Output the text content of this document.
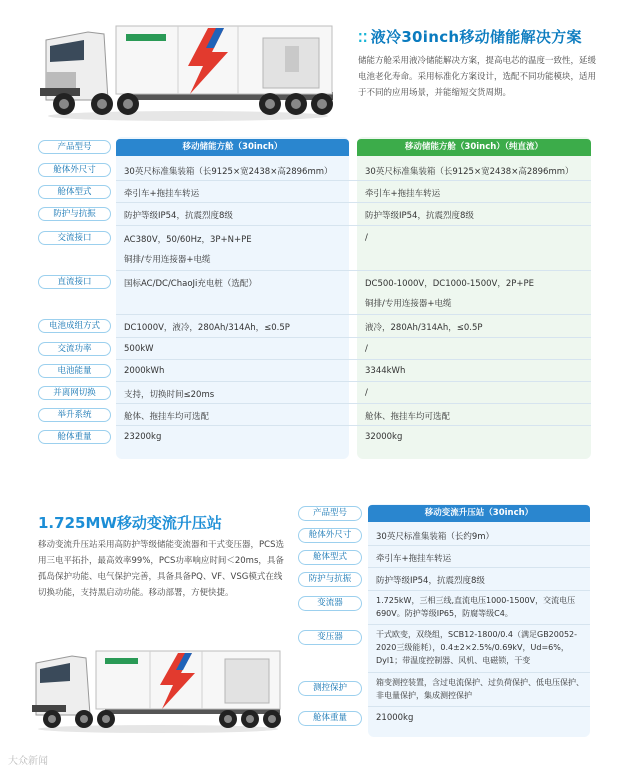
⁚⁚ 液冷30inch移动储能解决方案
储能方舱采用液冷储能解决方案，提高电芯的温度一致性，延缓电池老化寿命。采用标准化方案设计，选配不同功能模块，适用于不同的应用场景，并能缩短交货周期。
移动储能方舱（30inch）	移动储能方舱（30inch）（纯直流）
产品型号
舱体外尺寸
舱体型式
防护与抗振
交流接口
直流接口
电池成组方式
交流功率
电池能量
并离网切换
举升系统
舱体重量
30英尺标准集装箱（长9125×宽2438×高2896mm）
牵引车+拖挂车转运
防护等级IP54，抗震烈度8级
AC380V，50/60Hz，3P+N+PE
铜排/专用连接器+电缆
国标AC/DC/ChaoJi充电桩（选配）
DC1000V，液冷，280Ah/314Ah，≤0.5P
500kW
2000kWh
支持，切换时间≤20ms
舱体、拖挂车均可选配
23200kg
30英尺标准集装箱（长9125×宽2438×高2896mm）
牵引车+拖挂车转运
防护等级IP54，抗震烈度8级
/
DC500-1000V，DC1000-1500V，2P+PE
铜排/专用连接器+电缆
液冷，280Ah/314Ah，≤0.5P
/
3344kWh
/
舱体、拖挂车均可选配
32000kg
1.725MW移动变流升压站
移动变流升压站采用高防护等级储能变流器和干式变压器，PCS选用三电平拓扑，最高效率99%，PCS功率响应时间＜20ms，具备孤岛保护功能、电气保护完善，具备具备PQ、VF、VSG模式在线切换功能，支持黑启动功能。移动部署，方便快捷。
移动变流升压站（30inch）
产品型号
舱体外尺寸
舱体型式
防护与抗振
变流器
变压器
测控保护
舱体重量
30英尺标准集装箱（长约9m）
牵引车+拖挂车转运
防护等级IP54，抗震烈度8级
1.725kW，三相三线,直流电压1000-1500V，交流电压690V。防护等级IP65，防腐等级C4。
干式欧变，双绕组，SCB12-1800/0.4（满足GB20052-2020三级能耗），0.4±2×2.5%/0.69kV，Ud=6%，Dyl1；带温度控制器、风机、电磁锁，干变
箱变测控装置，含过电流保护、过负荷保护、低电压保护、非电量保护，集成测控保护
21000kg
大众新闻
